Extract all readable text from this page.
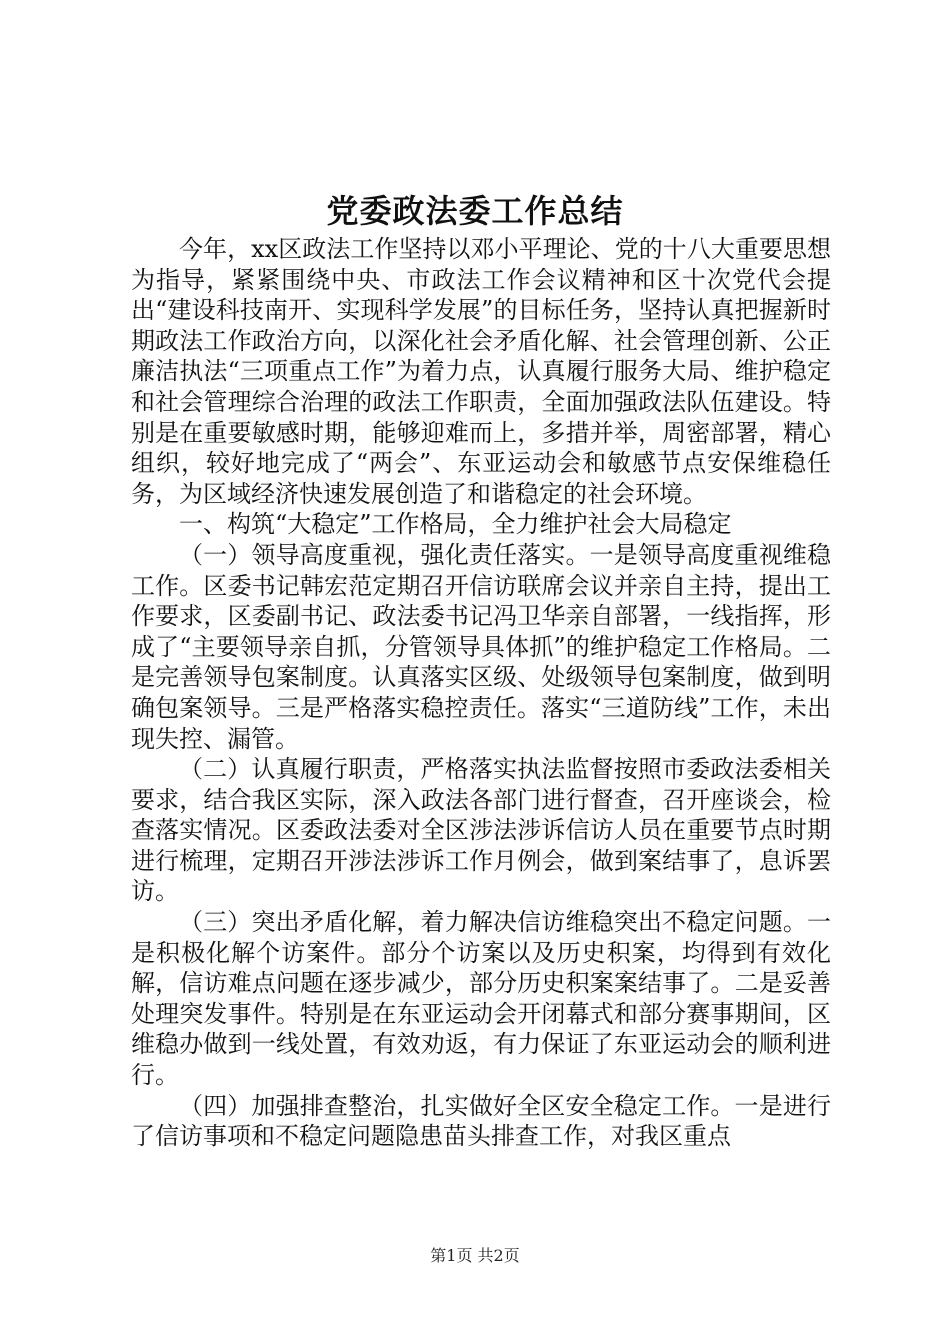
党委政法委工作总结

今年，xx区政法工作坚持以邓小平理论、党的十八大重要思想为指导，紧紧围绕中央、市政法工作会议精神和区十次党代会提出“建设科技南开、实现科学发展”的目标任务，坚持认真把握新时期政法工作政治方向，以深化社会矛盾化解、社会管理创新、公正廉洁执法“三项重点工作”为着力点，认真履行服务大局、维护稳定和社会管理综合治理的政法工作职责，全面加强政法队伍建设。特别是在重要敏感时期，能够迎难而上，多措并举，周密部署，精心组织，较好地完成了“两会”、东亚运动会和敏感节点安保维稳任务，为区域经济快速发展创造了和谐稳定的社会环境。

一、构筑“大稳定”工作格局，全力维护社会大局稳定

（一）领导高度重视，强化责任落实。一是领导高度重视维稳工作。区委书记韩宏范定期召开信访联席会议并亲自主持，提出工作要求，区委副书记、政法委书记冯卫华亲自部署，一线指挥，形成了“主要领导亲自抓，分管领导具体抓”的维护稳定工作格局。二是完善领导包案制度。认真落实区级、处级领导包案制度，做到明确包案领导。三是严格落实稳控责任。落实“三道防线”工作，未出现失控、漏管。

（二）认真履行职责，严格落实执法监督按照市委政法委相关要求，结合我区实际，深入政法各部门进行督查，召开座谈会，检查落实情况。区委政法委对全区涉法涉诉信访人员在重要节点时期进行梳理，定期召开涉法涉诉工作月例会，做到案结事了，息诉罢访。

（三）突出矛盾化解，着力解决信访维稳突出不稳定问题。一是积极化解个访案件。部分个访案以及历史积案，均得到有效化解，信访难点问题在逐步减少，部分历史积案案结事了。二是妥善处理突发事件。特别是在东亚运动会开闭幕式和部分赛事期间，区维稳办做到一线处置，有效劝返，有力保证了东亚运动会的顺利进行。

（四）加强排查整治，扎实做好全区安全稳定工作。一是进行了信访事项和不稳定问题隐患苗头排查工作，对我区重点

第1页 共2页
